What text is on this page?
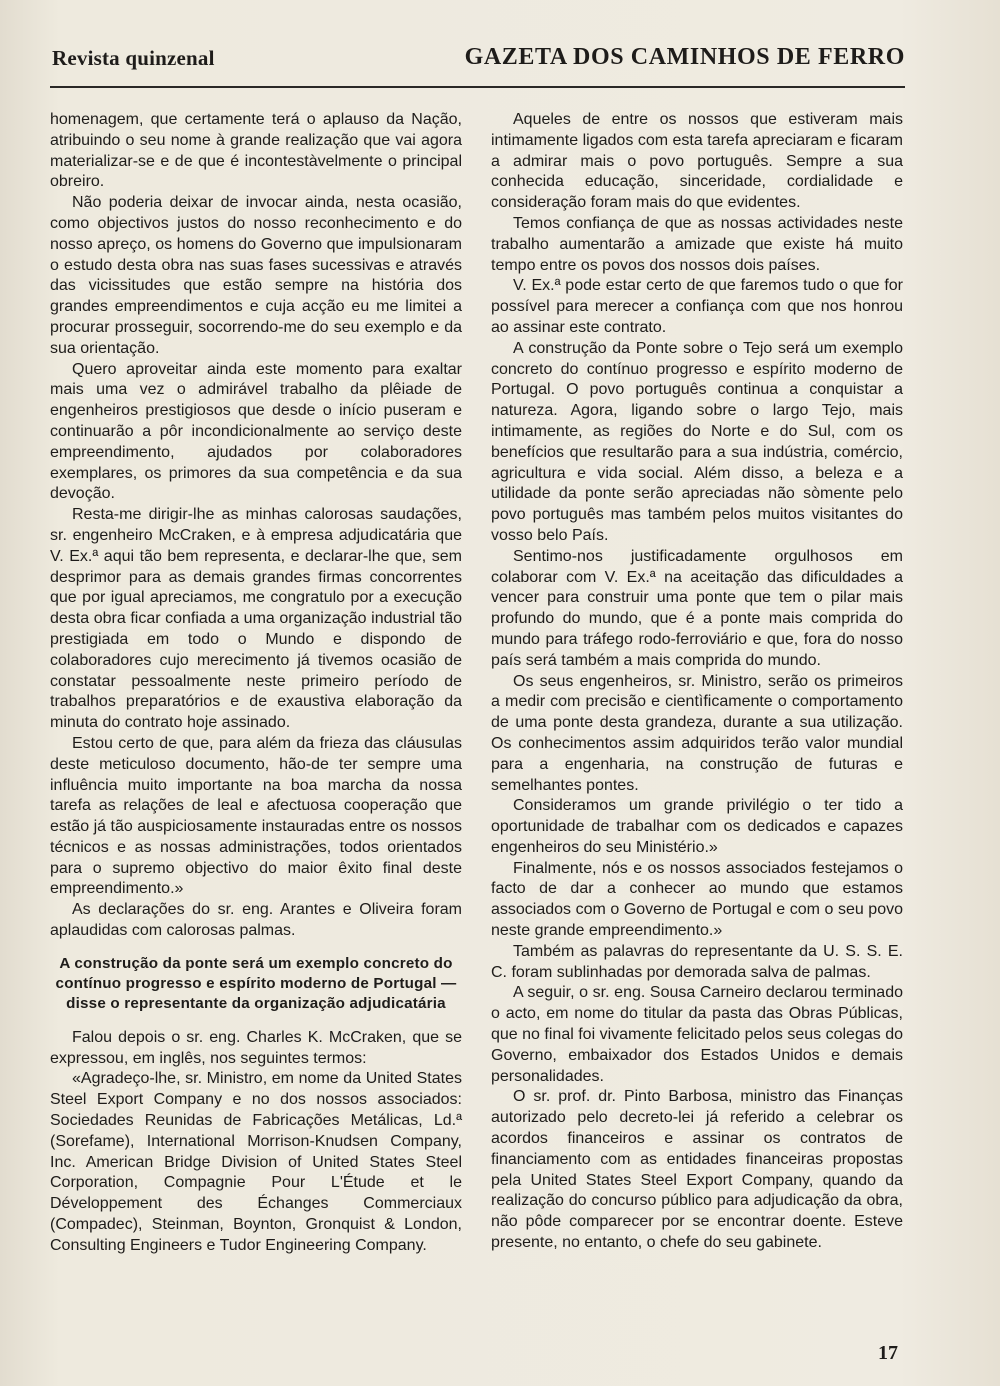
Revista quinzenal	GAZETA DOS CAMINHOS DE FERRO

homenagem, que certamente terá o aplauso da Nação, atribuindo o seu nome à grande realização que vai agora materializar-se e de que é incontestàvelmente o principal obreiro.

Não poderia deixar de invocar ainda, nesta ocasião, como objectivos justos do nosso reconhecimento e do nosso apreço, os homens do Governo que impulsionaram o estudo desta obra nas suas fases sucessivas e através das vicissitudes que estão sempre na história dos grandes empreendimentos e cuja acção eu me limitei a procurar prosseguir, socorrendo-me do seu exemplo e da sua orientação.

Quero aproveitar ainda este momento para exaltar mais uma vez o admirável trabalho da plêiade de engenheiros prestigiosos que desde o início puseram e continuarão a pôr incondicionalmente ao serviço deste empreendimento, ajudados por colaboradores exemplares, os primores da sua competência e da sua devoção.

Resta-me dirigir-lhe as minhas calorosas saudações, sr. engenheiro McCraken, e à empresa adjudicatária que V. Ex.ª aqui tão bem representa, e declarar-lhe que, sem desprimor para as demais grandes firmas concorrentes que por igual apreciamos, me congratulo por a execução desta obra ficar confiada a uma organização industrial tão prestigiada em todo o Mundo e dispondo de colaboradores cujo merecimento já tivemos ocasião de constatar pessoalmente neste primeiro período de trabalhos preparatórios e de exaustiva elaboração da minuta do contrato hoje assinado.

Estou certo de que, para além da frieza das cláusulas deste meticuloso documento, hão-de ter sempre uma influência muito importante na boa marcha da nossa tarefa as relações de leal e afectuosa cooperação que estão já tão auspiciosamente instauradas entre os nossos técnicos e as nossas administrações, todos orientados para o supremo objectivo do maior êxito final deste empreendimento.»

As declarações do sr. eng. Arantes e Oliveira foram aplaudidas com calorosas palmas.

A construção da ponte será um exemplo concreto do contínuo progresso e espírito moderno de Portugal — disse o representante da organização adjudicatária

Falou depois o sr. eng. Charles K. McCraken, que se expressou, em inglês, nos seguintes termos:

«Agradeço-lhe, sr. Ministro, em nome da United States Steel Export Company e no dos nossos associados: Sociedades Reunidas de Fabricações Metálicas, Ld.ª (Sorefame), International Morrison-Knudsen Company, Inc. American Bridge Division of United States Steel Corporation, Compagnie Pour L'Étude et le Développement des Échanges Commerciaux (Compadec), Steinman, Boynton, Gronquist & London, Consulting Engineers e Tudor Engineering Company.

Aqueles de entre os nossos que estiveram mais intimamente ligados com esta tarefa apreciaram e ficaram a admirar mais o povo português. Sempre a sua conhecida educação, sinceridade, cordialidade e consideração foram mais do que evidentes.

Temos confiança de que as nossas actividades neste trabalho aumentarão a amizade que existe há muito tempo entre os povos dos nossos dois países.

V. Ex.ª pode estar certo de que faremos tudo o que for possível para merecer a confiança com que nos honrou ao assinar este contrato.

A construção da Ponte sobre o Tejo será um exemplo concreto do contínuo progresso e espírito moderno de Portugal. O povo português continua a conquistar a natureza. Agora, ligando sobre o largo Tejo, mais intimamente, as regiões do Norte e do Sul, com os benefícios que resultarão para a sua indústria, comércio, agricultura e vida social. Além disso, a beleza e a utilidade da ponte serão apreciadas não sòmente pelo povo português mas também pelos muitos visitantes do vosso belo País.

Sentimo-nos justificadamente orgulhosos em colaborar com V. Ex.ª na aceitação das dificuldades a vencer para construir uma ponte que tem o pilar mais profundo do mundo, que é a ponte mais comprida do mundo para tráfego rodo-ferroviário e que, fora do nosso país será também a mais comprida do mundo.

Os seus engenheiros, sr. Ministro, serão os primeiros a medir com precisão e cientìficamente o comportamento de uma ponte desta grandeza, durante a sua utilização. Os conhecimentos assim adquiridos terão valor mundial para a engenharia, na construção de futuras e semelhantes pontes.

Consideramos um grande privilégio o ter tido a oportunidade de trabalhar com os dedicados e capazes engenheiros do seu Ministério.»

Finalmente, nós e os nossos associados festejamos o facto de dar a conhecer ao mundo que estamos associados com o Governo de Portugal e com o seu povo neste grande empreendimento.»

Também as palavras do representante da U. S. S. E. C. foram sublinhadas por demorada salva de palmas.

A seguir, o sr. eng. Sousa Carneiro declarou terminado o acto, em nome do titular da pasta das Obras Públicas, que no final foi vivamente felicitado pelos seus colegas do Governo, embaixador dos Estados Unidos e demais personalidades.

O sr. prof. dr. Pinto Barbosa, ministro das Finanças autorizado pelo decreto-lei já referido a celebrar os acordos financeiros e assinar os contratos de financiamento com as entidades financeiras propostas pela United States Steel Export Company, quando da realização do concurso público para adjudicação da obra, não pôde comparecer por se encontrar doente. Esteve presente, no entanto, o chefe do seu gabinete.

17
